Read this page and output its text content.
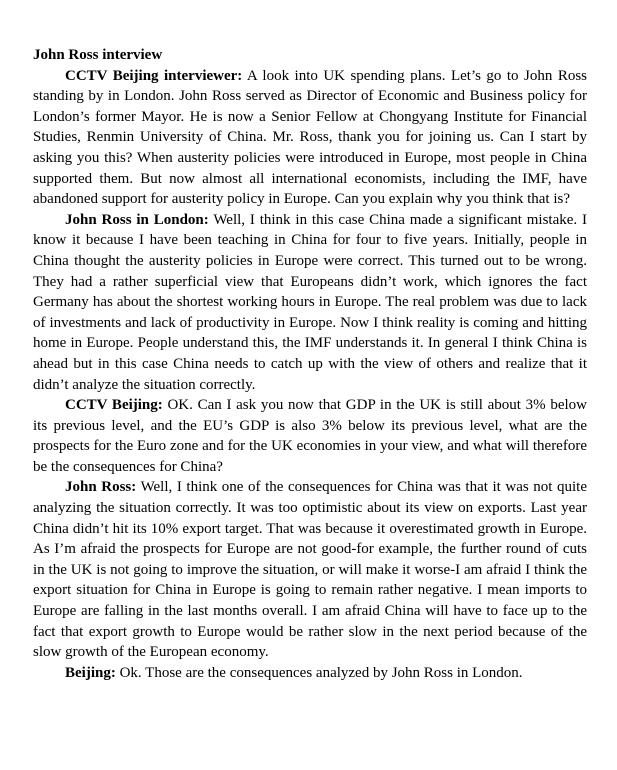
John Ross interview

CCTV Beijing interviewer: A look into UK spending plans. Let’s go to John Ross standing by in London. John Ross served as Director of Economic and Business policy for London’s former Mayor. He is now a Senior Fellow at Chongyang Institute for Financial Studies, Renmin University of China. Mr. Ross, thank you for joining us. Can I start by asking you this? When austerity policies were introduced in Europe, most people in China supported them. But now almost all international economists, including the IMF, have abandoned support for austerity policy in Europe. Can you explain why you think that is?

John Ross in London: Well, I think in this case China made a significant mistake. I know it because I have been teaching in China for four to five years. Initially, people in China thought the austerity policies in Europe were correct. This turned out to be wrong. They had a rather superficial view that Europeans didn’t work, which ignores the fact Germany has about the shortest working hours in Europe. The real problem was due to lack of investments and lack of productivity in Europe. Now I think reality is coming and hitting home in Europe. People understand this, the IMF understands it. In general I think China is ahead but in this case China needs to catch up with the view of others and realize that it didn’t analyze the situation correctly.

CCTV Beijing: OK. Can I ask you now that GDP in the UK is still about 3% below its previous level, and the EU’s GDP is also 3% below its previous level, what are the prospects for the Euro zone and for the UK economies in your view, and what will therefore be the consequences for China?

John Ross: Well, I think one of the consequences for China was that it was not quite analyzing the situation correctly. It was too optimistic about its view on exports. Last year China didn’t hit its 10% export target. That was because it overestimated growth in Europe. As I’m afraid the prospects for Europe are not good-for example, the further round of cuts in the UK is not going to improve the situation, or will make it worse-I am afraid I think the export situation for China in Europe is going to remain rather negative. I mean imports to Europe are falling in the last months overall. I am afraid China will have to face up to the fact that export growth to Europe would be rather slow in the next period because of the slow growth of the European economy.

Beijing: Ok. Those are the consequences analyzed by John Ross in London.
